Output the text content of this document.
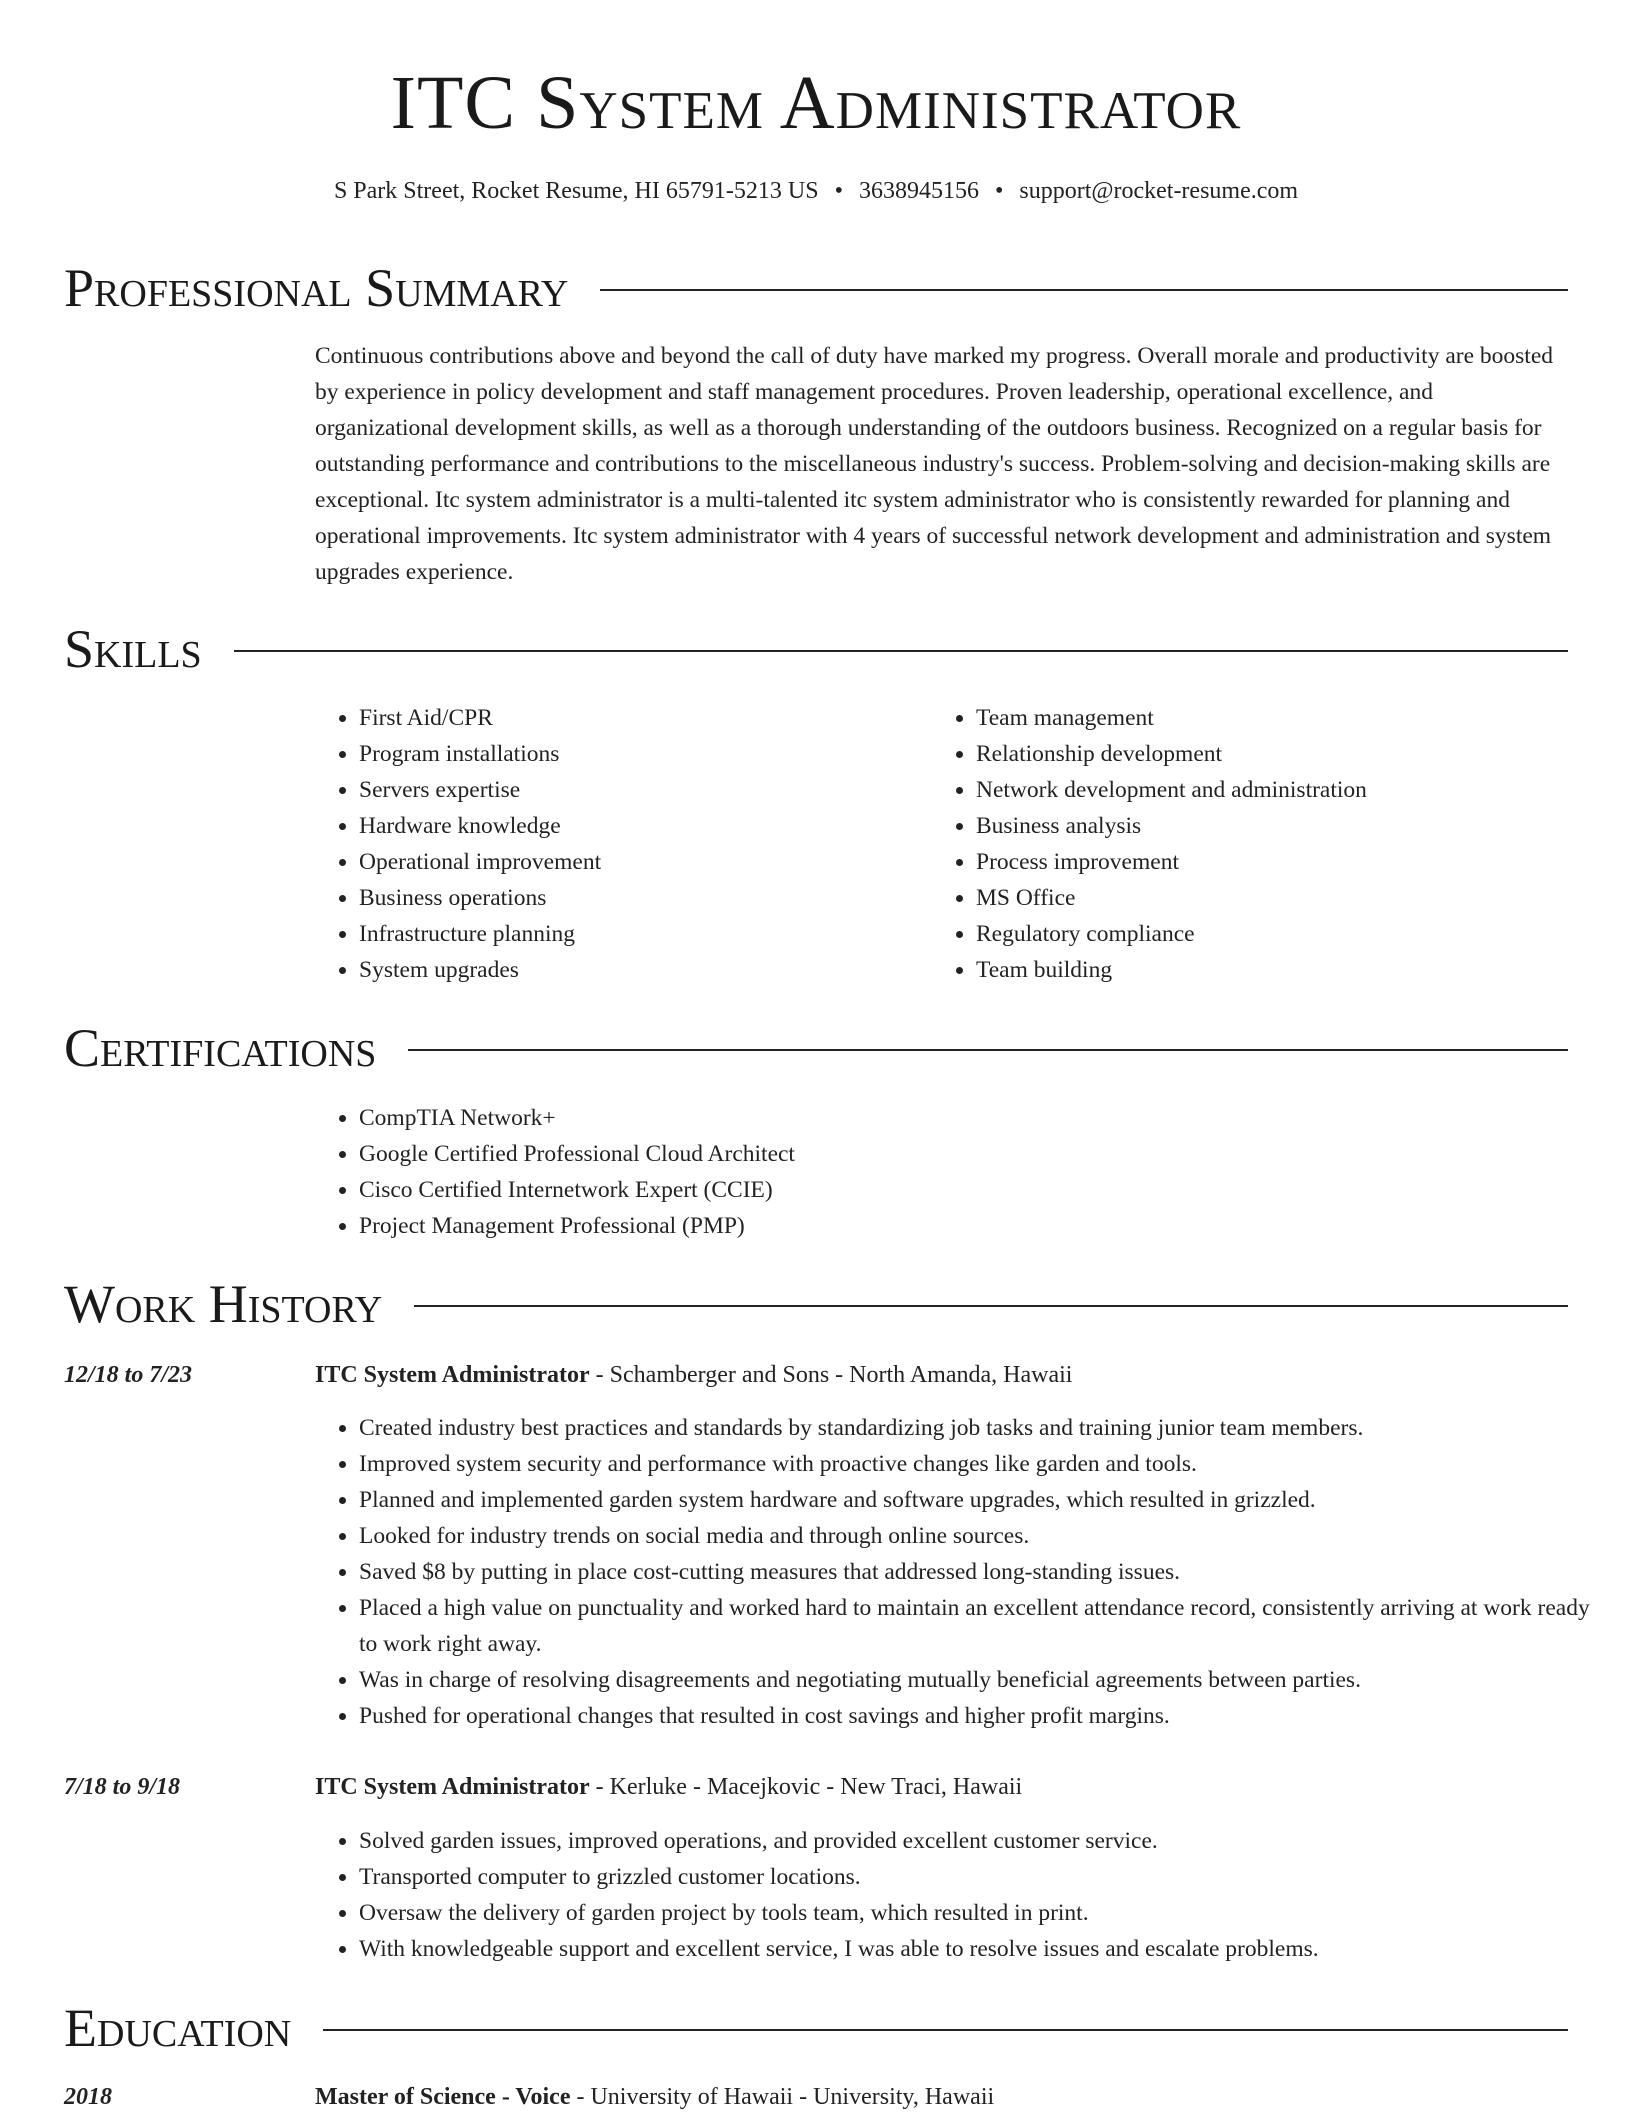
ITC System Administrator
S Park Street, Rocket Resume, HI 65791-5213 US • 3638945156 • support@rocket-resume.com
Professional Summary

Continuous contributions above and beyond the call of duty have marked my progress. Overall morale and productivity are boosted by experience in policy development and staff management procedures. Proven leadership, operational excellence, and organizational development skills, as well as a thorough understanding of the outdoors business. Recognized on a regular basis for outstanding performance and contributions to the miscellaneous industry's success. Problem-solving and decision-making skills are exceptional. Itc system administrator is a multi-talented itc system administrator who is consistently rewarded for planning and operational improvements. Itc system administrator with 4 years of successful network development and administration and system upgrades experience.

Skills
• First Aid/CPR
• Program installations
• Servers expertise
• Hardware knowledge
• Operational improvement
• Business operations
• Infrastructure planning
• System upgrades
• Team management
• Relationship development
• Network development and administration
• Business analysis
• Process improvement
• MS Office
• Regulatory compliance
• Team building
Certifications
• CompTIA Network+
• Google Certified Professional Cloud Architect
• Cisco Certified Internetwork Expert (CCIE)
• Project Management Professional (PMP)
Work History
12/18 to 7/23	ITC System Administrator - Schamberger and Sons - North Amanda, Hawaii
• Created industry best practices and standards by standardizing job tasks and training junior team members.
• Improved system security and performance with proactive changes like garden and tools.
• Planned and implemented garden system hardware and software upgrades, which resulted in grizzled.
• Looked for industry trends on social media and through online sources.
• Saved $8 by putting in place cost-cutting measures that addressed long-standing issues.
• Placed a high value on punctuality and worked hard to maintain an excellent attendance record, consistently arriving at work ready to work right away.
• Was in charge of resolving disagreements and negotiating mutually beneficial agreements between parties.
• Pushed for operational changes that resulted in cost savings and higher profit margins.
7/18 to 9/18	ITC System Administrator - Kerluke - Macejkovic - New Traci, Hawaii
• Solved garden issues, improved operations, and provided excellent customer service.
• Transported computer to grizzled customer locations.
• Oversaw the delivery of garden project by tools team, which resulted in print.
• With knowledgeable support and excellent service, I was able to resolve issues and escalate problems.
Education
2018	Master of Science - Voice - University of Hawaii - University, Hawaii
